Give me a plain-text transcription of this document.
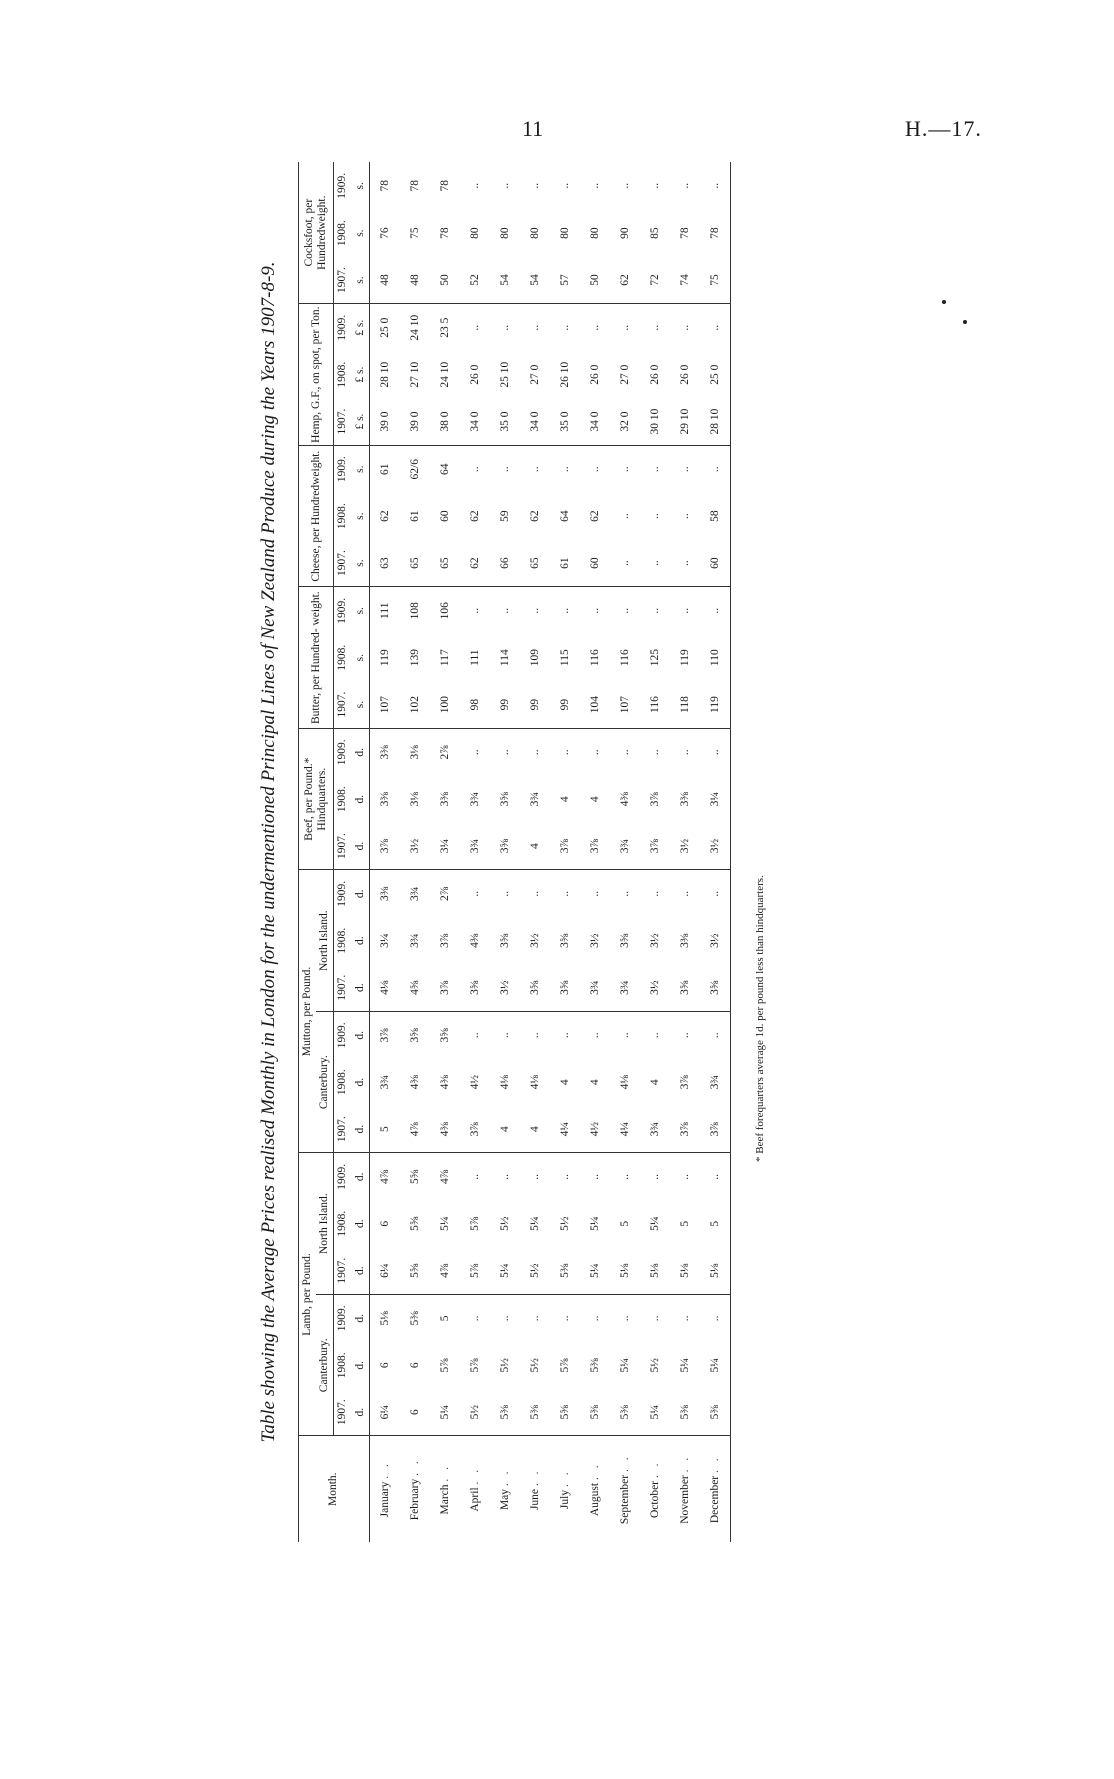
11	H.—17.
Table showing the Average Prices realised Monthly in London for the undermentioned Principal Lines of New Zealand Produce during the Years 1907-8-9.
Month.	Lamb, per Pound.						Mutton, per Pound.						Beef, per Pound.* Hindquarters.			Butter, per Hundred- weight.			Cheese, per Hundredweight.			Hemp, G.F., on spot, per Ton.			Cocksfoot, per Hundredweight.		
	Canterbury.			North Island.			Canterbury.			North Island.																	
	1907.	1908.	1909.	1907.	1908.	1909.	1907.	1908.	1909.	1907.	1908.	1909.	1907.	1908.	1909.	1907.	1908.	1909.	1907.	1908.	1909.	1907.	1908.	1909.	1907.	1908.	1909.
	d.	d.	d.	d.	d.	d.	d.	d.	d.	d.	d.	d.	d.	d.	d.	s.	s.	s.	s.	s.	s.	£ s.	£ s.	£ s.	s.	s.	s.
January . .	6¼	6	5⅛	6¼	6	4⅞	5	3¾	3⅞	4⅛	3¼	3⅜	3⅞	3⅜	3⅜	107	119	111	63	62	61	39 0	28 10	25 0	48	76	78
February . .	6	6	5⅜	5⅝	5⅝	5⅝	4⅞	4⅜	3⅝	4⅝	3¾	3¾	3½	3⅛	3⅛	102	139	108	65	61	62/6	39 0	27 10	24 10	48	75	78
March . .	5¼	5⅞	5	4⅞	5¼	4⅞	4⅜	4⅜	3⅝	3⅞	3⅞	2⅞	3¼	3⅜	2⅞	100	117	106	65	60	64	38 0	24 10	23 5	50	78	78
April . .	5½	5⅞	..	5⅞	5⅞	..	3⅞	4½	..	3⅝	4⅜	..	3¾	3¾	..	98	111	..	62	62	..	34 0	26 0	..	52	80	..
May . .	5⅜	5½	..	5¼	5½	..	4	4⅛	..	3½	3⅝	..	3⅝	3⅝	..	99	114	..	66	59	..	35 0	25 10	..	54	80	..
June . .	5⅜	5½	..	5½	5¼	..	4	4⅛	..	3⅝	3½	..	4	3¾	..	99	109	..	65	62	..	34 0	27 0	..	54	80	..
July . .	5⅝	5⅞	..	5⅜	5½	..	4¼	4	..	3⅝	3⅝	..	3⅞	4	..	99	115	..	61	64	..	35 0	26 10	..	57	80	..
August . .	5⅜	5⅜	..	5¼	5¼	..	4½	4	..	3¾	3½	..	3⅞	4	..	104	116	..	60	62	..	34 0	26 0	..	50	80	..
September . .	5⅜	5¼	..	5⅛	5	..	4¼	4⅛	..	3¾	3⅝	..	3¾	4⅜	..	107	116	..	..	..	..	32 0	27 0	..	62	90	..
October . .	5¼	5½	..	5⅛	5¼	..	3¾	4	..	3½	3½	..	3⅞	3⅞	..	116	125	..	..	..	..	30 10	26 0	..	72	85	..
November . .	5⅜	5¼	..	5⅛	5	..	3⅞	3⅞	..	3⅝	3⅜	..	3½	3⅜	..	118	119	..	..	..	..	29 10	26 0	..	74	78	..
December . .	5⅜	5¼	..	5⅛	5	..	3⅞	3¾	..	3⅝	3½	..	3½	3¼	..	119	110	..	60	58	..	28 10	25 0	..	75	78	..
* Beef forequarters average 1d. per pound less than hindquarters.
